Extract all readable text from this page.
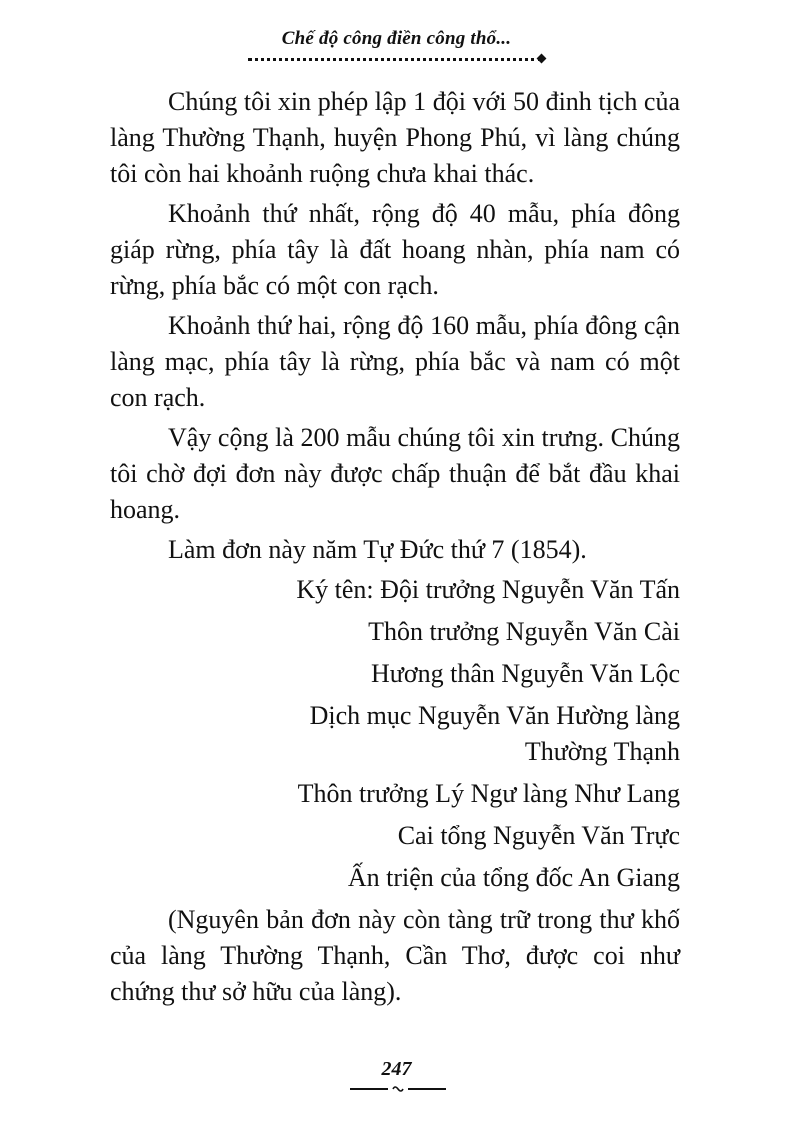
Chế độ công điền công thổ...

Chúng tôi xin phép lập 1 đội với 50 đinh tịch của làng Thường Thạnh, huyện Phong Phú, vì làng chúng tôi còn hai khoảnh ruộng chưa khai thác.

Khoảnh thứ nhất, rộng độ 40 mẫu, phía đông giáp rừng, phía tây là đất hoang nhàn, phía nam có rừng, phía bắc có một con rạch.

Khoảnh thứ hai, rộng độ 160 mẫu, phía đông cận làng mạc, phía tây là rừng, phía bắc và nam có một con rạch.

Vậy cộng là 200 mẫu chúng tôi xin trưng. Chúng tôi chờ đợi đơn này được chấp thuận để bắt đầu khai hoang.

Làm đơn này năm Tự Đức thứ 7 (1854).

Ký tên: Đội trưởng Nguyễn Văn Tấn

Thôn trưởng Nguyễn Văn Cài

Hương thân Nguyễn Văn Lộc

Dịch mục Nguyễn Văn Hường làng

Thường Thạnh

Thôn trưởng Lý Ngư làng Như Lang

Cai tổng Nguyễn Văn Trực

Ấn triện của tổng đốc An Giang

(Nguyên bản đơn này còn tàng trữ trong thư khố của làng Thường Thạnh, Cần Thơ, được coi như chứng thư sở hữu của làng).

247
